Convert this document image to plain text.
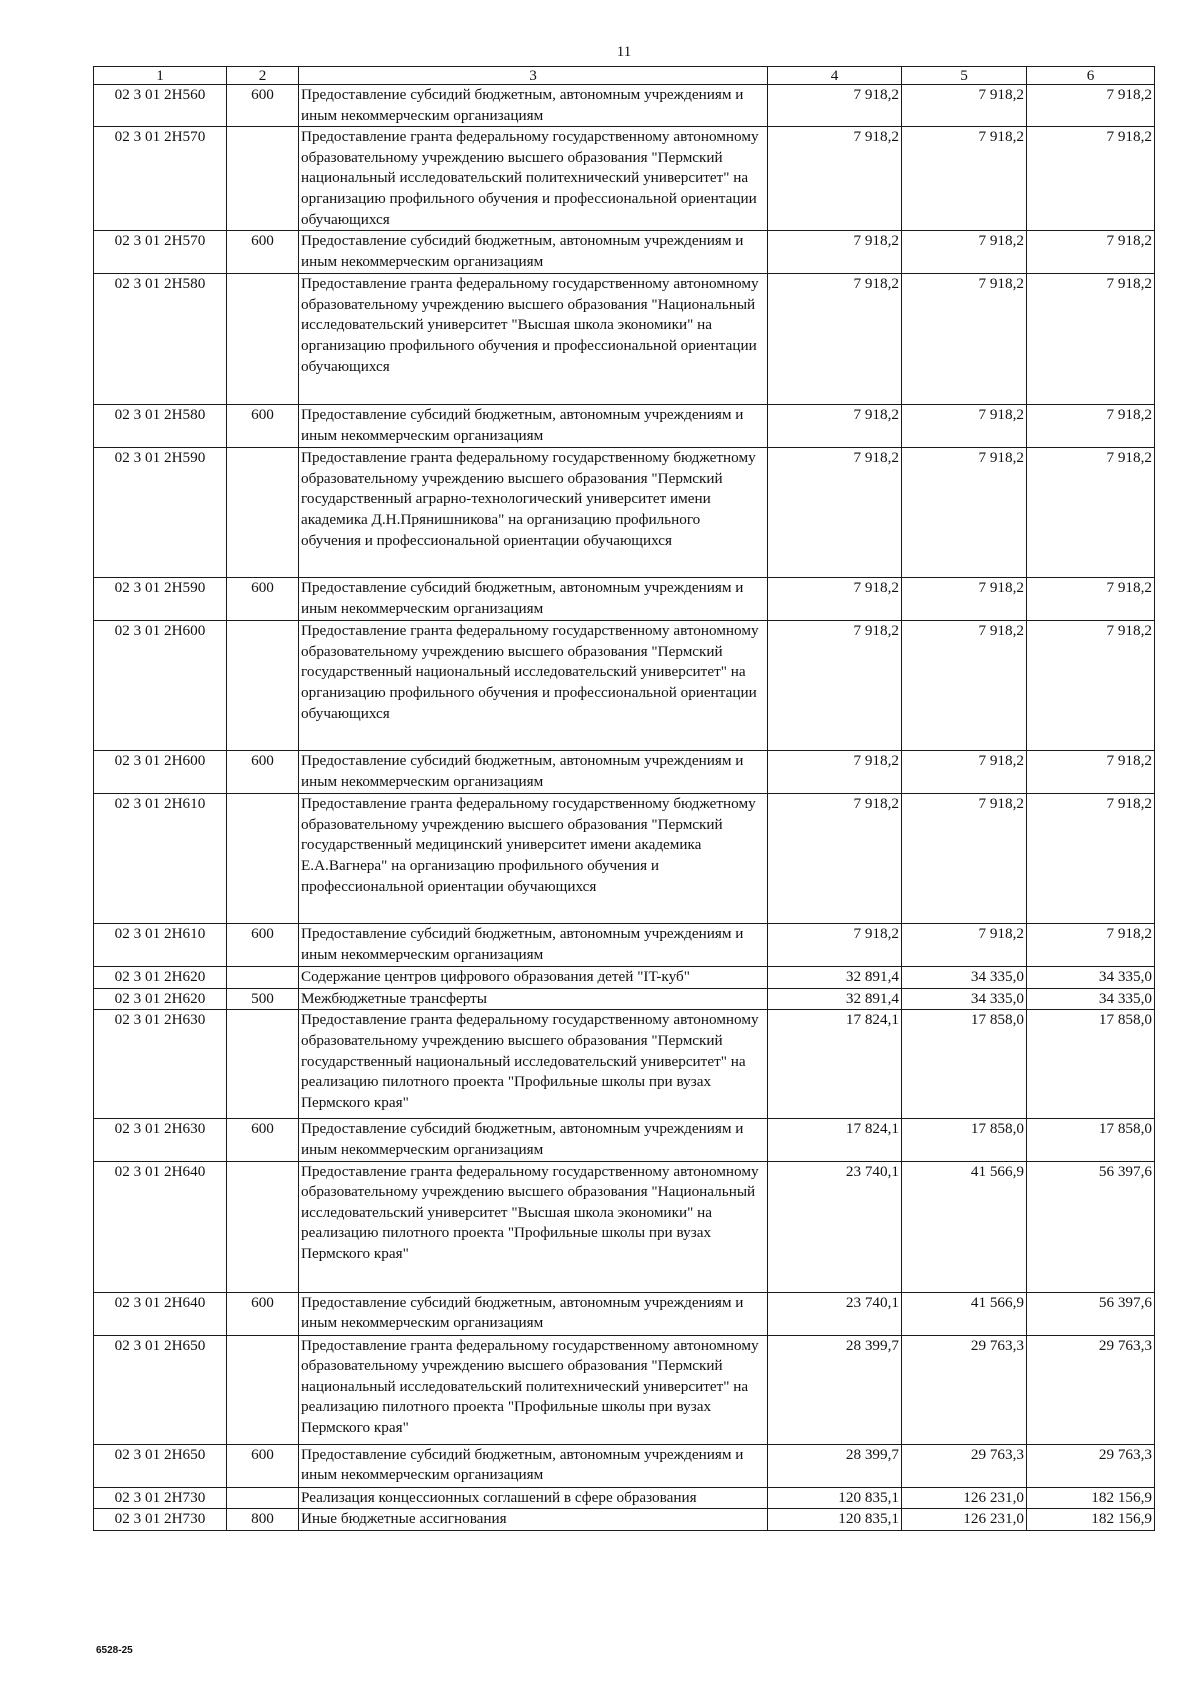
11
1	2	3	4	5	6
02 3 01 2H560	600	Предоставление субсидий бюджетным, автономным учреждениям и иным некоммерческим организациям	7 918,2	7 918,2	7 918,2
02 3 01 2H570		Предоставление гранта федеральному государственному автономному образовательному учреждению высшего образования "Пермский национальный исследовательский политехнический университет" на организацию профильного обучения и профессиональной ориентации обучающихся	7 918,2	7 918,2	7 918,2
02 3 01 2H570	600	Предоставление субсидий бюджетным, автономным учреждениям и иным некоммерческим организациям	7 918,2	7 918,2	7 918,2
02 3 01 2H580		Предоставление гранта федеральному государственному автономному образовательному учреждению высшего образования "Национальный исследовательский университет "Высшая школа экономики" на организацию профильного обучения и профессиональной ориентации обучающихся	7 918,2	7 918,2	7 918,2
02 3 01 2H580	600	Предоставление субсидий бюджетным, автономным учреждениям и иным некоммерческим организациям	7 918,2	7 918,2	7 918,2
02 3 01 2H590		Предоставление гранта федеральному государственному бюджетному образовательному учреждению высшего образования "Пермский государственный аграрно-технологический университет имени академика Д.Н.Прянишникова" на организацию профильного обучения и профессиональной ориентации обучающихся	7 918,2	7 918,2	7 918,2
02 3 01 2H590	600	Предоставление субсидий бюджетным, автономным учреждениям и иным некоммерческим организациям	7 918,2	7 918,2	7 918,2
02 3 01 2H600		Предоставление гранта федеральному государственному автономному образовательному учреждению высшего образования "Пермский государственный национальный исследовательский университет" на организацию профильного обучения и профессиональной ориентации обучающихся	7 918,2	7 918,2	7 918,2
02 3 01 2H600	600	Предоставление субсидий бюджетным, автономным учреждениям и иным некоммерческим организациям	7 918,2	7 918,2	7 918,2
02 3 01 2H610		Предоставление гранта федеральному государственному бюджетному образовательному учреждению высшего образования "Пермский государственный медицинский университет имени академика Е.А.Вагнера" на организацию профильного обучения и профессиональной ориентации обучающихся	7 918,2	7 918,2	7 918,2
02 3 01 2H610	600	Предоставление субсидий бюджетным, автономным учреждениям и иным некоммерческим организациям	7 918,2	7 918,2	7 918,2
02 3 01 2H620		Содержание центров цифрового образования детей "IT-куб"	32 891,4	34 335,0	34 335,0
02 3 01 2H620	500	Межбюджетные трансферты	32 891,4	34 335,0	34 335,0
02 3 01 2H630		Предоставление гранта федеральному государственному автономному образовательному учреждению высшего образования "Пермский государственный национальный исследовательский университет" на реализацию пилотного проекта "Профильные школы при вузах Пермского края"	17 824,1	17 858,0	17 858,0
02 3 01 2H630	600	Предоставление субсидий бюджетным, автономным учреждениям и иным некоммерческим организациям	17 824,1	17 858,0	17 858,0
02 3 01 2H640		Предоставление гранта федеральному государственному автономному образовательному учреждению высшего образования "Национальный исследовательский университет "Высшая школа экономики" на реализацию пилотного проекта "Профильные школы при вузах Пермского края"	23 740,1	41 566,9	56 397,6
02 3 01 2H640	600	Предоставление субсидий бюджетным, автономным учреждениям и иным некоммерческим организациям	23 740,1	41 566,9	56 397,6
02 3 01 2H650		Предоставление гранта федеральному государственному автономному образовательному учреждению высшего образования "Пермский национальный исследовательский политехнический университет" на реализацию пилотного проекта "Профильные школы при вузах Пермского края"	28 399,7	29 763,3	29 763,3
02 3 01 2H650	600	Предоставление субсидий бюджетным, автономным учреждениям и иным некоммерческим организациям	28 399,7	29 763,3	29 763,3
02 3 01 2H730		Реализация концессионных соглашений в сфере образования	120 835,1	126 231,0	182 156,9
02 3 01 2H730	800	Иные бюджетные ассигнования	120 835,1	126 231,0	182 156,9
6528-25
